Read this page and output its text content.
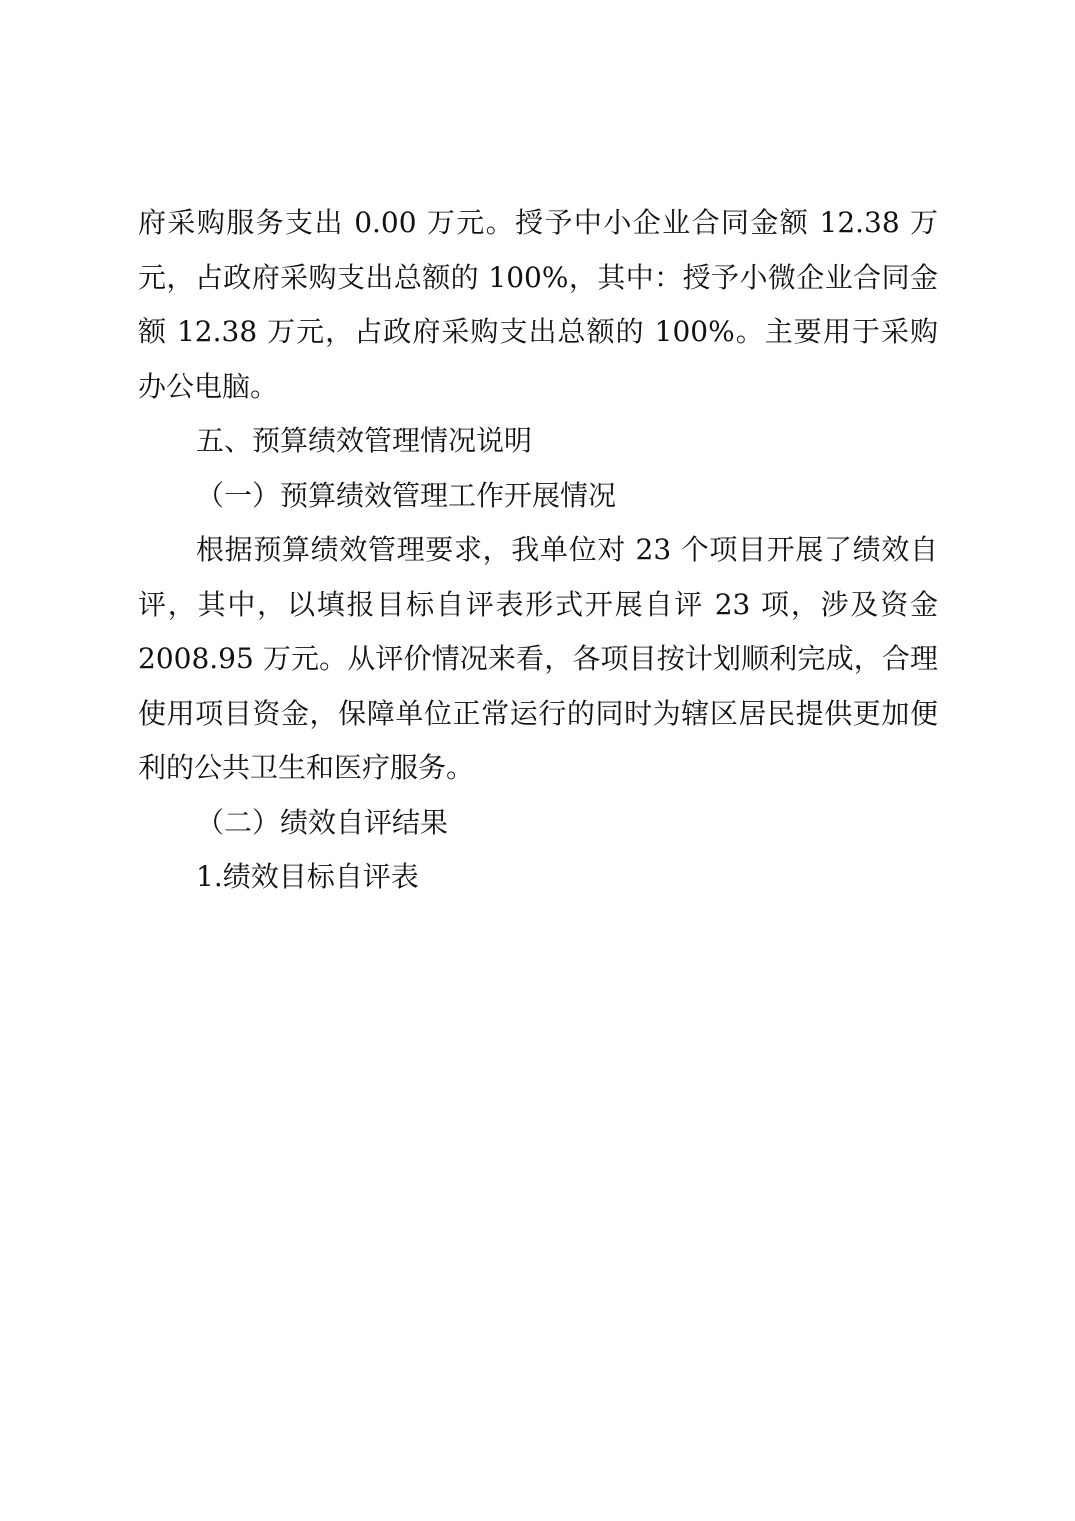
府采购服务支出 0.00 万元。授予中小企业合同金额 12.38 万元，占政府采购支出总额的 100%，其中：授予小微企业合同金额 12.38 万元，占政府采购支出总额的 100%。主要用于采购办公电脑。

五、预算绩效管理情况说明

（一）预算绩效管理工作开展情况

根据预算绩效管理要求，我单位对 23 个项目开展了绩效自评，其中，以填报目标自评表形式开展自评 23 项，涉及资金 2008.95 万元。从评价情况来看，各项目按计划顺利完成，合理使用项目资金，保障单位正常运行的同时为辖区居民提供更加便利的公共卫生和医疗服务。

（二）绩效自评结果

1.绩效目标自评表
